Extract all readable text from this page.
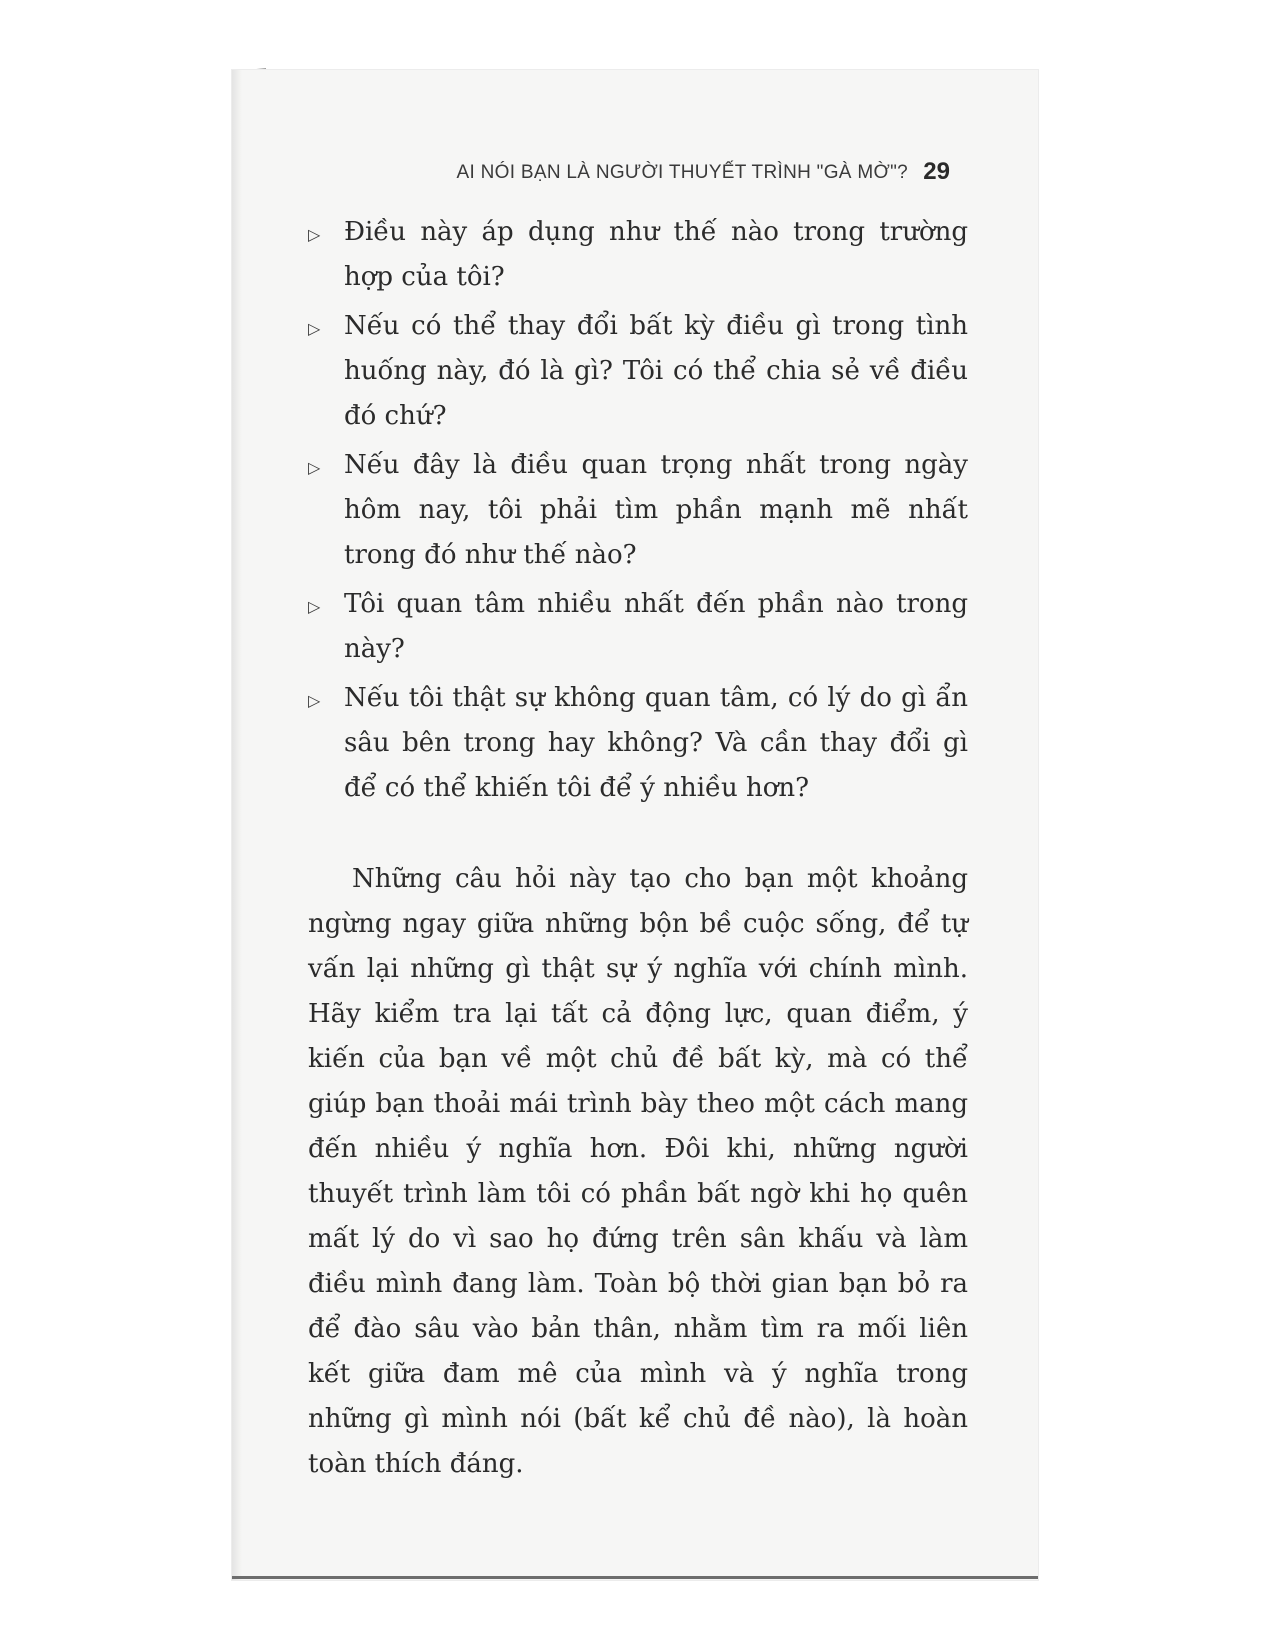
AI NÓI BẠN LÀ NGƯỜI THUYẾT TRÌNH "GÀ MỜ"? 29
▷ Điều này áp dụng như thế nào trong trường hợp của tôi?
▷ Nếu có thể thay đổi bất kỳ điều gì trong tình huống này, đó là gì? Tôi có thể chia sẻ về điều đó chứ?
▷ Nếu đây là điều quan trọng nhất trong ngày hôm nay, tôi phải tìm phần mạnh mẽ nhất trong đó như thế nào?
▷ Tôi quan tâm nhiều nhất đến phần nào trong này?
▷ Nếu tôi thật sự không quan tâm, có lý do gì ẩn sâu bên trong hay không? Và cần thay đổi gì để có thể khiến tôi để ý nhiều hơn?

Những câu hỏi này tạo cho bạn một khoảng ngừng ngay giữa những bộn bề cuộc sống, để tự vấn lại những gì thật sự ý nghĩa với chính mình. Hãy kiểm tra lại tất cả động lực, quan điểm, ý kiến của bạn về một chủ đề bất kỳ, mà có thể giúp bạn thoải mái trình bày theo một cách mang đến nhiều ý nghĩa hơn. Đôi khi, những người thuyết trình làm tôi có phần bất ngờ khi họ quên mất lý do vì sao họ đứng trên sân khấu và làm điều mình đang làm. Toàn bộ thời gian bạn bỏ ra để đào sâu vào bản thân, nhằm tìm ra mối liên kết giữa đam mê của mình và ý nghĩa trong những gì mình nói (bất kể chủ đề nào), là hoàn toàn thích đáng.
